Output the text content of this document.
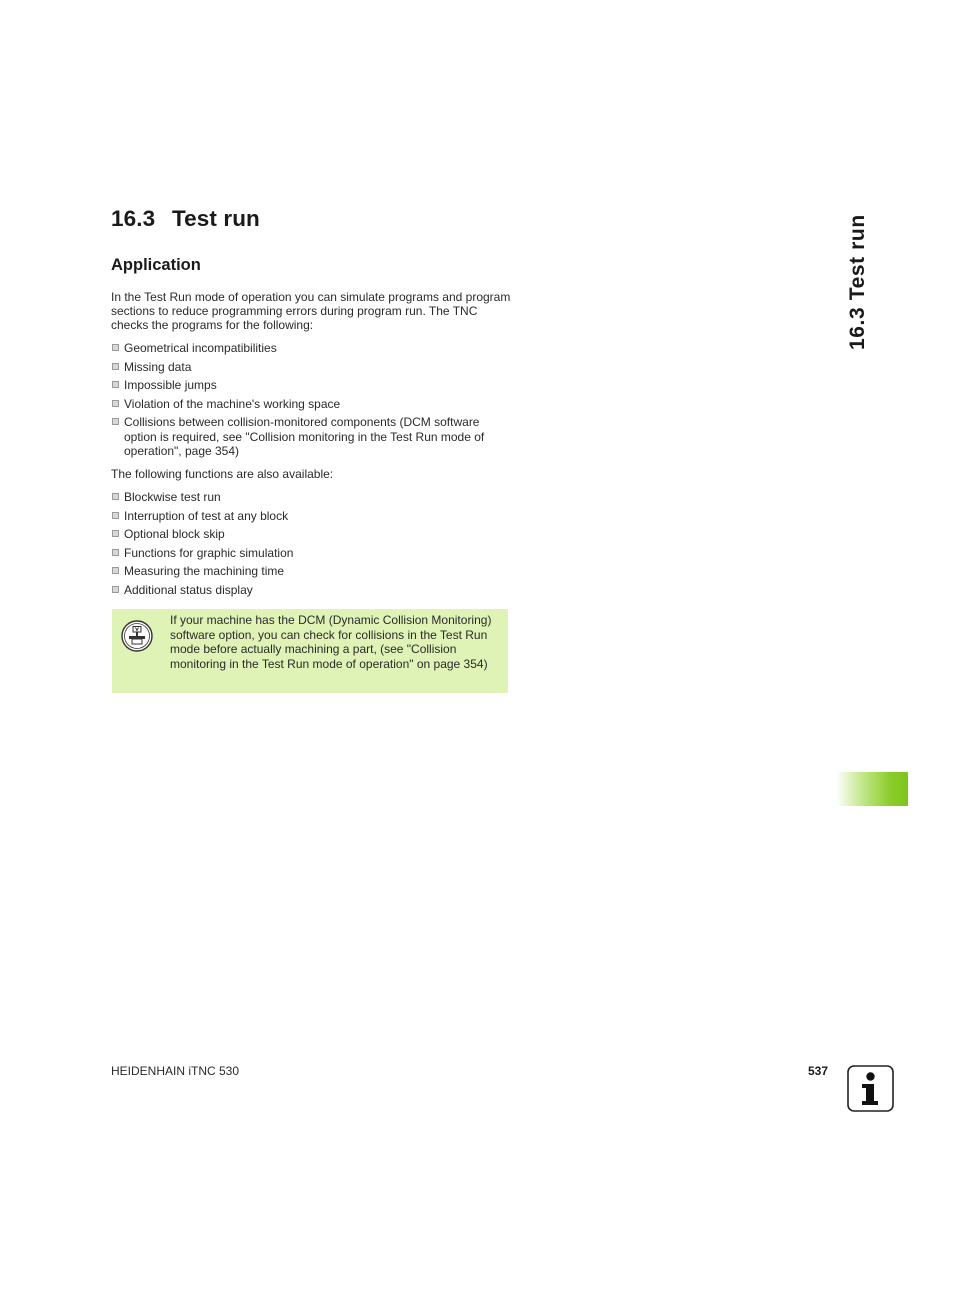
16.3 Test run
Application

In the Test Run mode of operation you can simulate programs and program sections to reduce programming errors during program run. The TNC checks the programs for the following:

Geometrical incompatibilities
Missing data
Impossible jumps
Violation of the machine's working space
Collisions between collision-monitored components (DCM software option is required, see "Collision monitoring in the Test Run mode of operation", page 354)

The following functions are also available:

Blockwise test run
Interruption of test at any block
Optional block skip
Functions for graphic simulation
Measuring the machining time
Additional status display

If your machine has the DCM (Dynamic Collision Monitoring) software option, you can check for collisions in the Test Run mode before actually machining a part, (see "Collision monitoring in the Test Run mode of operation" on page 354)

16.3 Test run

HEIDENHAIN iTNC 530	537
